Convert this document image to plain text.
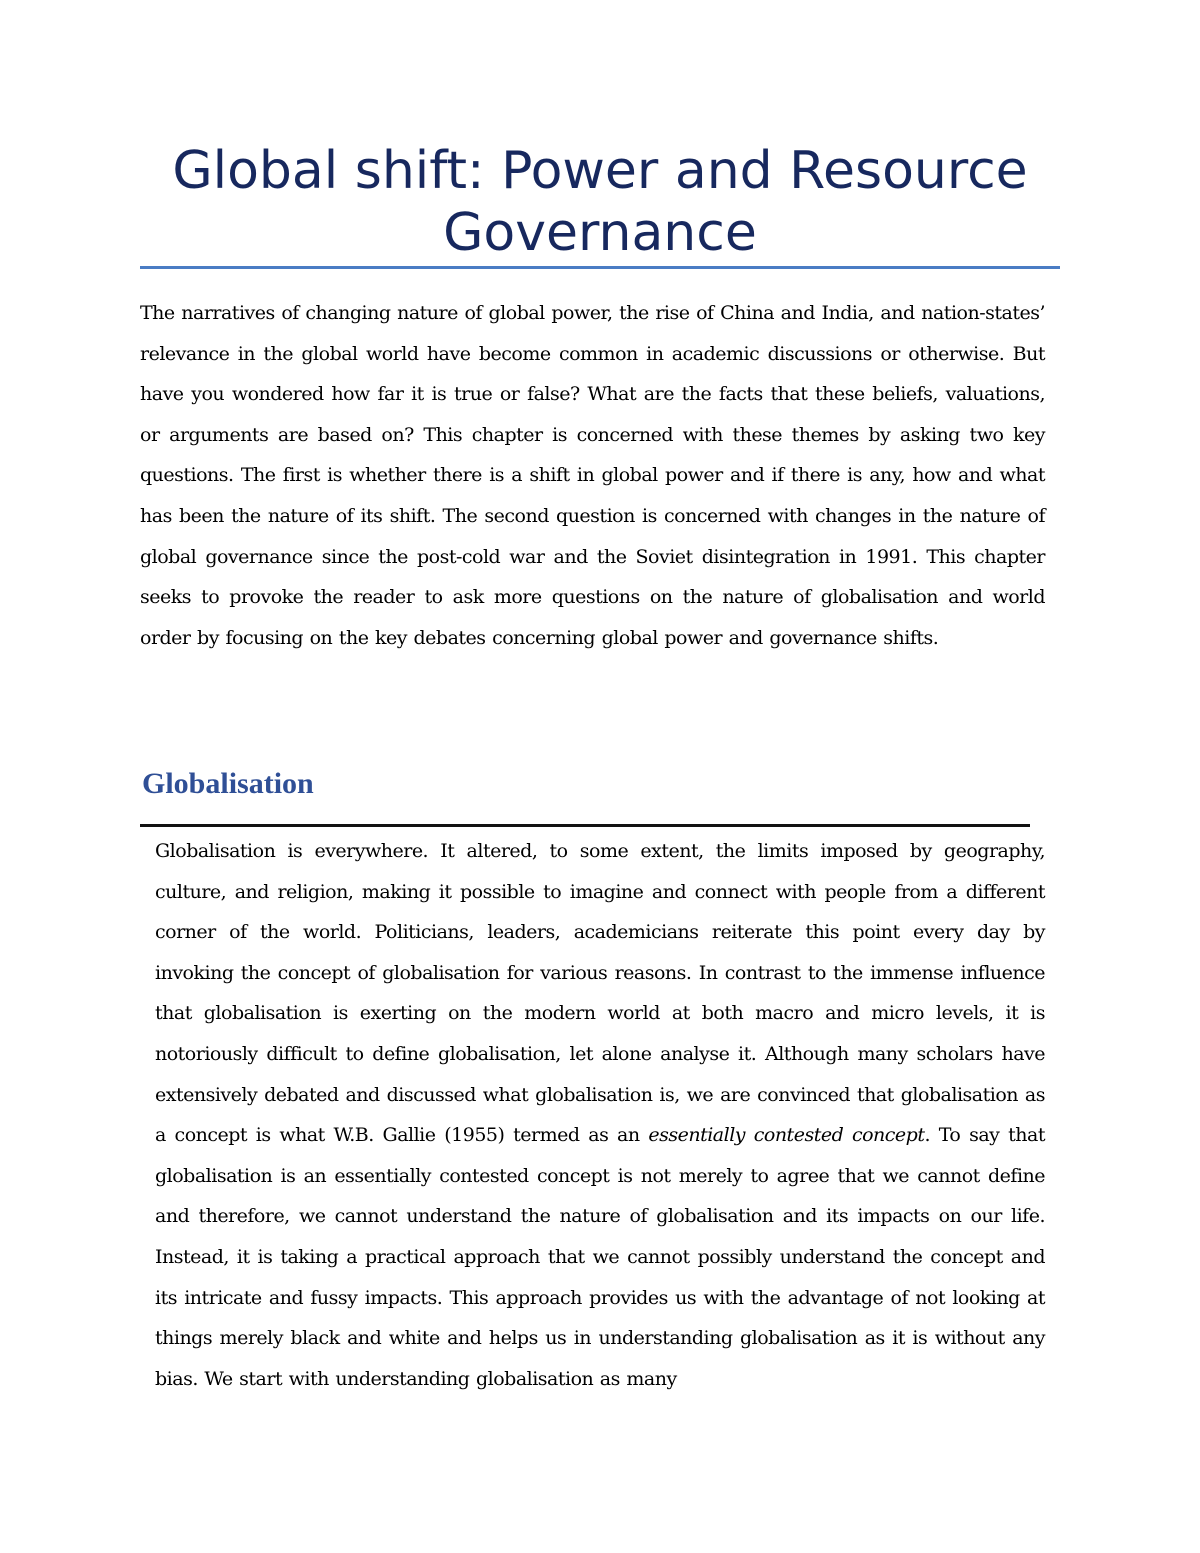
Global shift: Power and Resource Governance

The narratives of changing nature of global power, the rise of China and India, and nation-states’ relevance in the global world have become common in academic discussions or otherwise. But have you wondered how far it is true or false? What are the facts that these beliefs, valuations, or arguments are based on? This chapter is concerned with these themes by asking two key questions. The first is whether there is a shift in global power and if there is any, how and what has been the nature of its shift. The second question is concerned with changes in the nature of global governance since the post-cold war and the Soviet disintegration in 1991. This chapter seeks to provoke the reader to ask more questions on the nature of globalisation and world order by focusing on the key debates concerning global power and governance shifts.

Globalisation

Globalisation is everywhere. It altered, to some extent, the limits imposed by geography, culture, and religion, making it possible to imagine and connect with people from a different corner of the world. Politicians, leaders, academicians reiterate this point every day by invoking the concept of globalisation for various reasons. In contrast to the immense influence that globalisation is exerting on the modern world at both macro and micro levels, it is notoriously difficult to define globalisation, let alone analyse it. Although many scholars have extensively debated and discussed what globalisation is, we are convinced that globalisation as a concept is what W.B. Gallie (1955) termed as an essentially contested concept. To say that globalisation is an essentially contested concept is not merely to agree that we cannot define and therefore, we cannot understand the nature of globalisation and its impacts on our life. Instead, it is taking a practical approach that we cannot possibly understand the concept and its intricate and fussy impacts. This approach provides us with the advantage of not looking at things merely black and white and helps us in understanding globalisation as it is without any bias. We start with understanding globalisation as many
